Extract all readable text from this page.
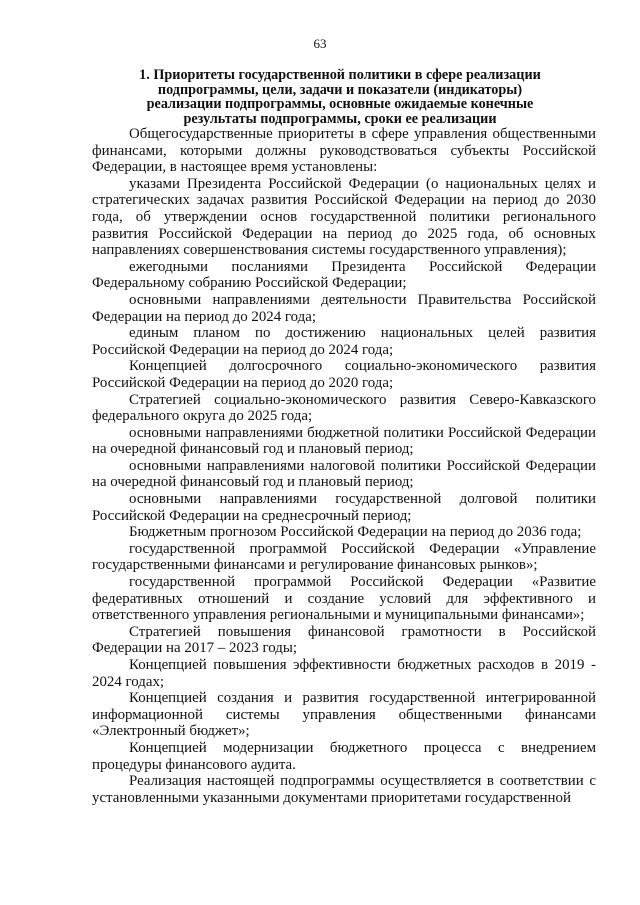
63
1. Приоритеты государственной политики в сфере реализации
подпрограммы, цели, задачи и показатели (индикаторы)
реализации подпрограммы, основные ожидаемые конечные
результаты подпрограммы, сроки ее реализации

Общегосударственные приоритеты в сфере управления общественными финансами, которыми должны руководствоваться субъекты Российской Федерации, в настоящее время установлены:

указами Президента Российской Федерации (о национальных целях и стратегических задачах развития Российской Федерации на период до 2030 года, об утверждении основ государственной политики регионального развития Российской Федерации на период до 2025 года, об основных направлениях совершенствования системы государственного управления);

ежегодными посланиями Президента Российской Федерации Федеральному собранию Российской Федерации;

основными направлениями деятельности Правительства Российской Федерации на период до 2024 года;

единым планом по достижению национальных целей развития Российской Федерации на период до 2024 года;

Концепцией долгосрочного социально-экономического развития Российской Федерации на период до 2020 года;

Стратегией социально-экономического развития Северо-Кавказского федерального округа до 2025 года;

основными направлениями бюджетной политики Российской Федерации на очередной финансовый год и плановый период;

основными направлениями налоговой политики Российской Федерации на очередной финансовый год и плановый период;

основными направлениями государственной долговой политики Российской Федерации на среднесрочный период;

Бюджетным прогнозом Российской Федерации на период до 2036 года;

государственной программой Российской Федерации «Управление государственными финансами и регулирование финансовых рынков»;

государственной программой Российской Федерации «Развитие федеративных отношений и создание условий для эффективного и ответственного управления региональными и муниципальными финансами»;

Стратегией повышения финансовой грамотности в Российской Федерации на 2017 – 2023 годы;

Концепцией повышения эффективности бюджетных расходов в 2019 - 2024 годах;

Концепцией создания и развития государственной интегрированной информационной системы управления общественными финансами «Электронный бюджет»;

Концепцией модернизации бюджетного процесса с внедрением процедуры финансового аудита.

Реализация настоящей подпрограммы осуществляется в соответствии с установленными указанными документами приоритетами государственной
